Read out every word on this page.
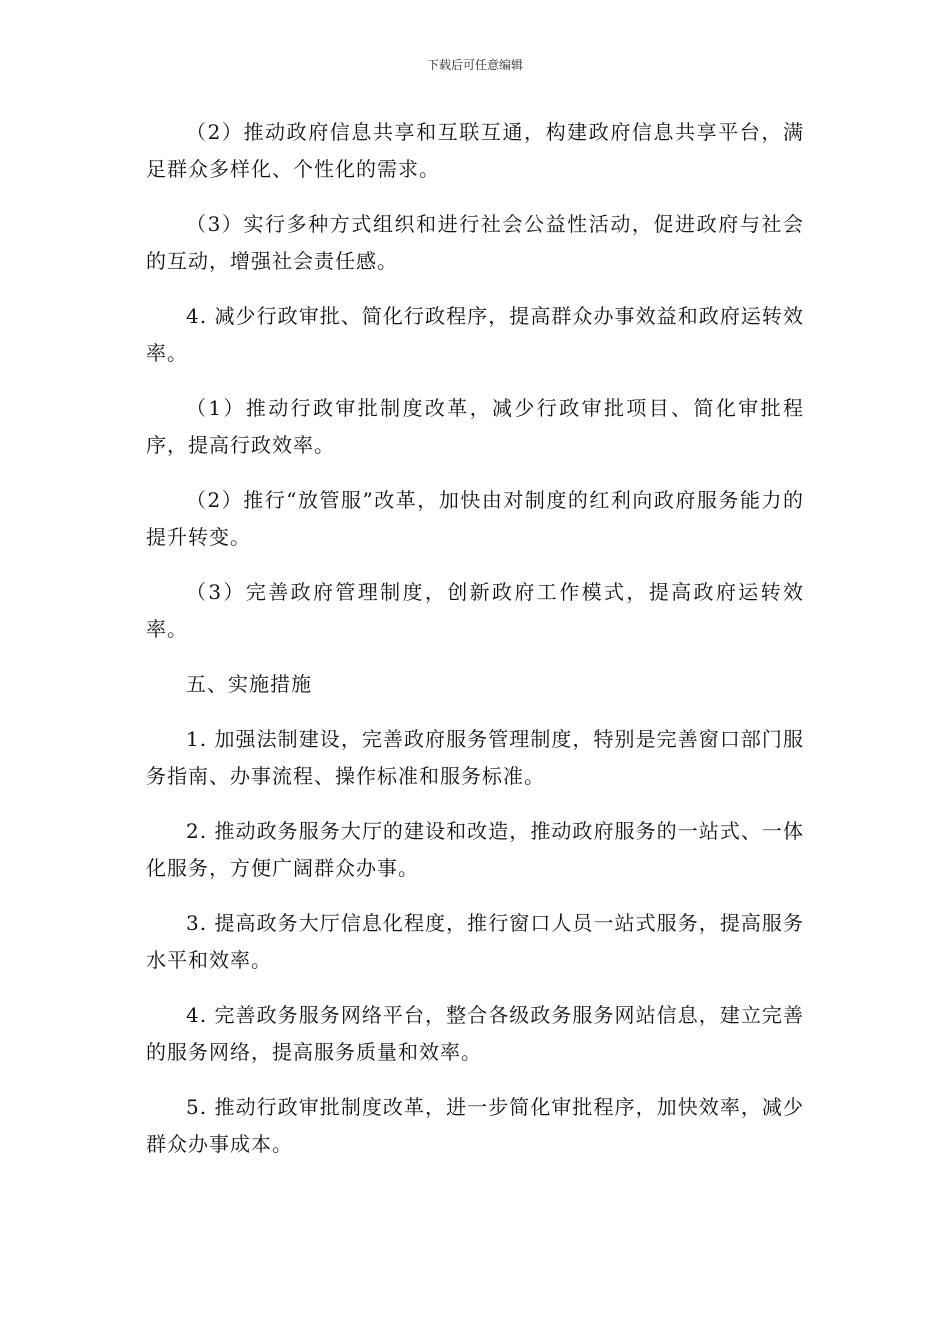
下载后可任意编辑

（2）推动政府信息共享和互联互通，构建政府信息共享平台，满足群众多样化、个性化的需求。

（3）实行多种方式组织和进行社会公益性活动，促进政府与社会的互动，增强社会责任感。

4. 减少行政审批、简化行政程序，提高群众办事效益和政府运转效率。

（1）推动行政审批制度改革，减少行政审批项目、简化审批程序，提高行政效率。

（2）推行“放管服”改革，加快由对制度的红利向政府服务能力的提升转变。

（3）完善政府管理制度，创新政府工作模式，提高政府运转效率。

五、实施措施

1. 加强法制建设，完善政府服务管理制度，特别是完善窗口部门服务指南、办事流程、操作标准和服务标准。

2. 推动政务服务大厅的建设和改造，推动政府服务的一站式、一体化服务，方便广阔群众办事。

3. 提高政务大厅信息化程度，推行窗口人员一站式服务，提高服务水平和效率。

4. 完善政务服务网络平台，整合各级政务服务网站信息，建立完善的服务网络，提高服务质量和效率。

5. 推动行政审批制度改革，进一步简化审批程序，加快效率，减少群众办事成本。
